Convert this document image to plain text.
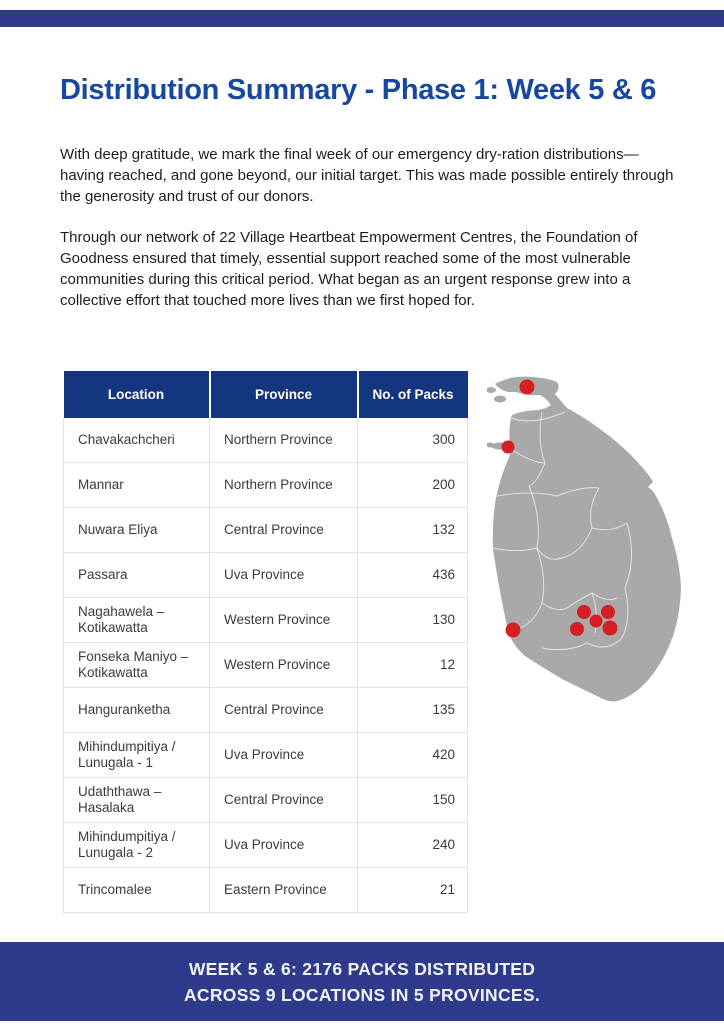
Distribution Summary - Phase 1: Week 5 & 6

With deep gratitude, we mark the final week of our emergency dry-ration distributions—having reached, and gone beyond, our initial target. This was made possible entirely through the generosity and trust of our donors.

Through our network of 22 Village Heartbeat Empowerment Centres, the Foundation of Goodness ensured that timely, essential support reached some of the most vulnerable communities during this critical period. What began as an urgent response grew into a collective effort that touched more lives than we first hoped for.

Location	Province	No. of Packs
Chavakachcheri	Northern Province	300
Mannar	Northern Province	200
Nuwara Eliya	Central Province	132
Passara	Uva Province	436
Nagahawela – Kotikawatta	Western Province	130
Fonseka Maniyo – Kotikawatta	Western Province	12
Hanguranketha	Central Province	135
Mihindumpitiya / Lunugala - 1	Uva Province	420
Udaththawa – Hasalaka	Central Province	150
Mihindumpitiya / Lunugala - 2	Uva Province	240
Trincomalee	Eastern Province	21
WEEK 5 & 6: 2176 PACKS DISTRIBUTED
ACROSS 9 LOCATIONS IN 5 PROVINCES.
